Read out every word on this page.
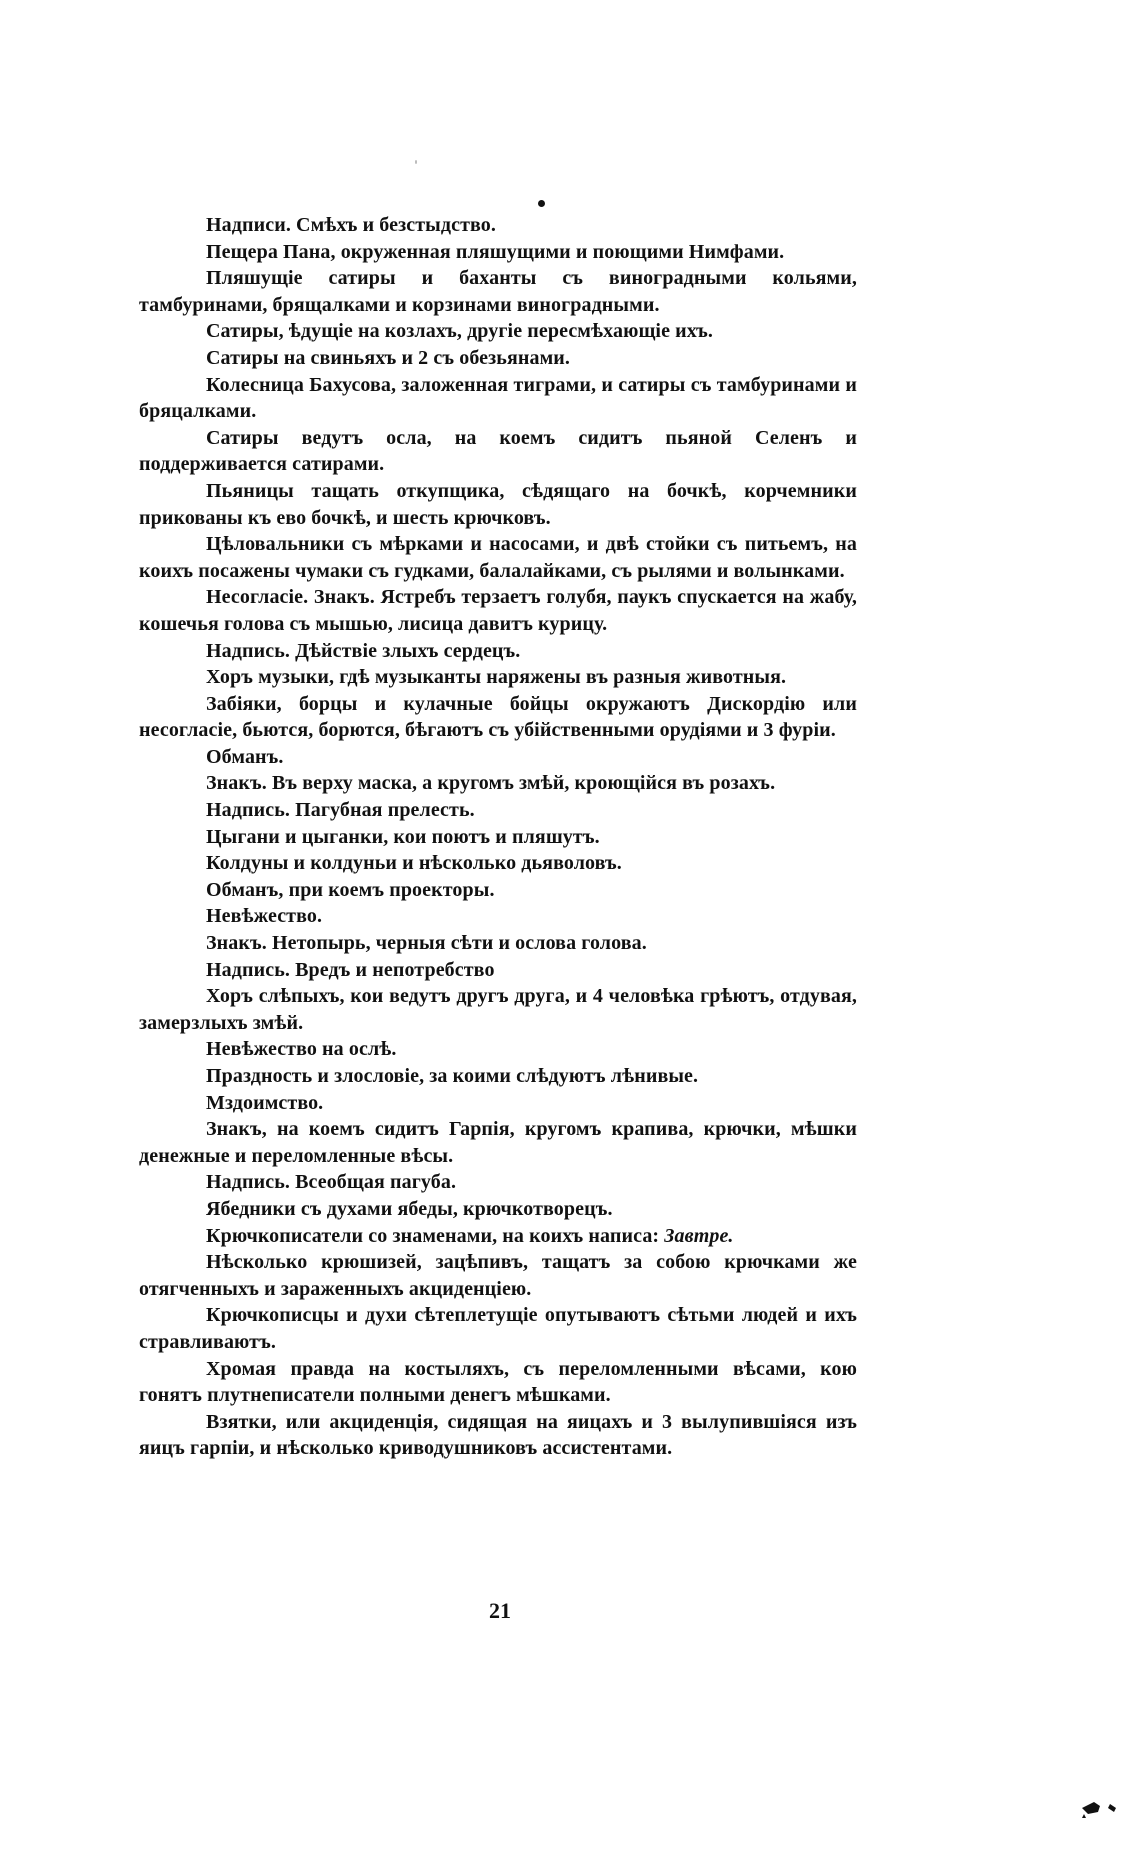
Надписи. Смѣхъ и безстыдство.

Пещера Пана, окруженная пляшущими и поющими Нимфами.

Пляшущіе сатиры и баханты съ виноградными кольями, тамбуринами, брящалками и корзинами виноградными.

Сатиры, ѣдущіе на козлахъ, другіе пересмѣхающіе ихъ.

Сатиры на свиньяхъ и 2 съ обезьянами.

Колесница Бахусова, заложенная тиграми, и сатиры съ тамбуринами и бряцалками.

Сатиры ведутъ осла, на коемъ сидитъ пьяной Селенъ и поддерживается сатирами.

Пьяницы тащать откупщика, сѣдящаго на бочкѣ, корчемники прикованы къ ево бочкѣ, и шесть крючковъ.

Цѣловальники съ мѣрками и насосами, и двѣ стойки съ питьемъ, на коихъ посажены чумаки съ гудками, балалайками, съ рылями и волынками.

Несогласіе. Знакъ. Ястребъ терзаетъ голубя, паукъ спускается на жабу, кошечья голова съ мышью, лисица давитъ курицу.

Надпись. Дѣйствіе злыхъ сердецъ.

Хоръ музыки, гдѣ музыканты наряжены въ разныя животныя.

Забіяки, борцы и кулачные бойцы окружаютъ Дискордію или несогласіе, бьются, борются, бѣгаютъ съ убійственными орудіями и 3 фуріи.

Обманъ.

Знакъ. Въ верху маска, а кругомъ змѣй, кроющійся въ розахъ.

Надпись. Пагубная прелесть.

Цыгани и цыганки, кои поютъ и пляшутъ.

Колдуны и колдуньи и нѣсколько дьяволовъ.

Обманъ, при коемъ проекторы.

Невѣжество.

Знакъ. Нетопырь, черныя сѣти и ослова голова.

Надпись. Вредъ и непотребство

Хоръ слѣпыхъ, кои ведутъ другъ друга, и 4 человѣка грѣютъ, отдувая, замерзлыхъ змѣй.

Невѣжество на ослѣ.

Праздность и злословіе, за коими слѣдуютъ лѣнивые.

Мздоимство.

Знакъ, на коемъ сидитъ Гарпія, кругомъ крапива, крючки, мѣшки денежные и переломленные вѣсы.

Надпись. Всеобщая пагуба.

Ябедники съ духами ябеды, крючкотворецъ.

Крючкописатели со знаменами, на коихъ написа: Завтре.

Нѣсколько крюшизей, зацѣпивъ, тащатъ за собою крючками же отягченныхъ и зараженныхъ акциденціею.

Крючкописцы и духи сѣтеплетущіе опутываютъ сѣтьми людей и ихъ стравливаютъ.

Хромая правда на костыляхъ, съ переломленными вѣсами, кою гонятъ плутнеписатели полными денегъ мѣшками.

Взятки, или акциденція, сидящая на яицахъ и 3 вылупившіяся изъ яицъ гарпіи, и нѣсколько криводушниковъ ассистентами.

21
